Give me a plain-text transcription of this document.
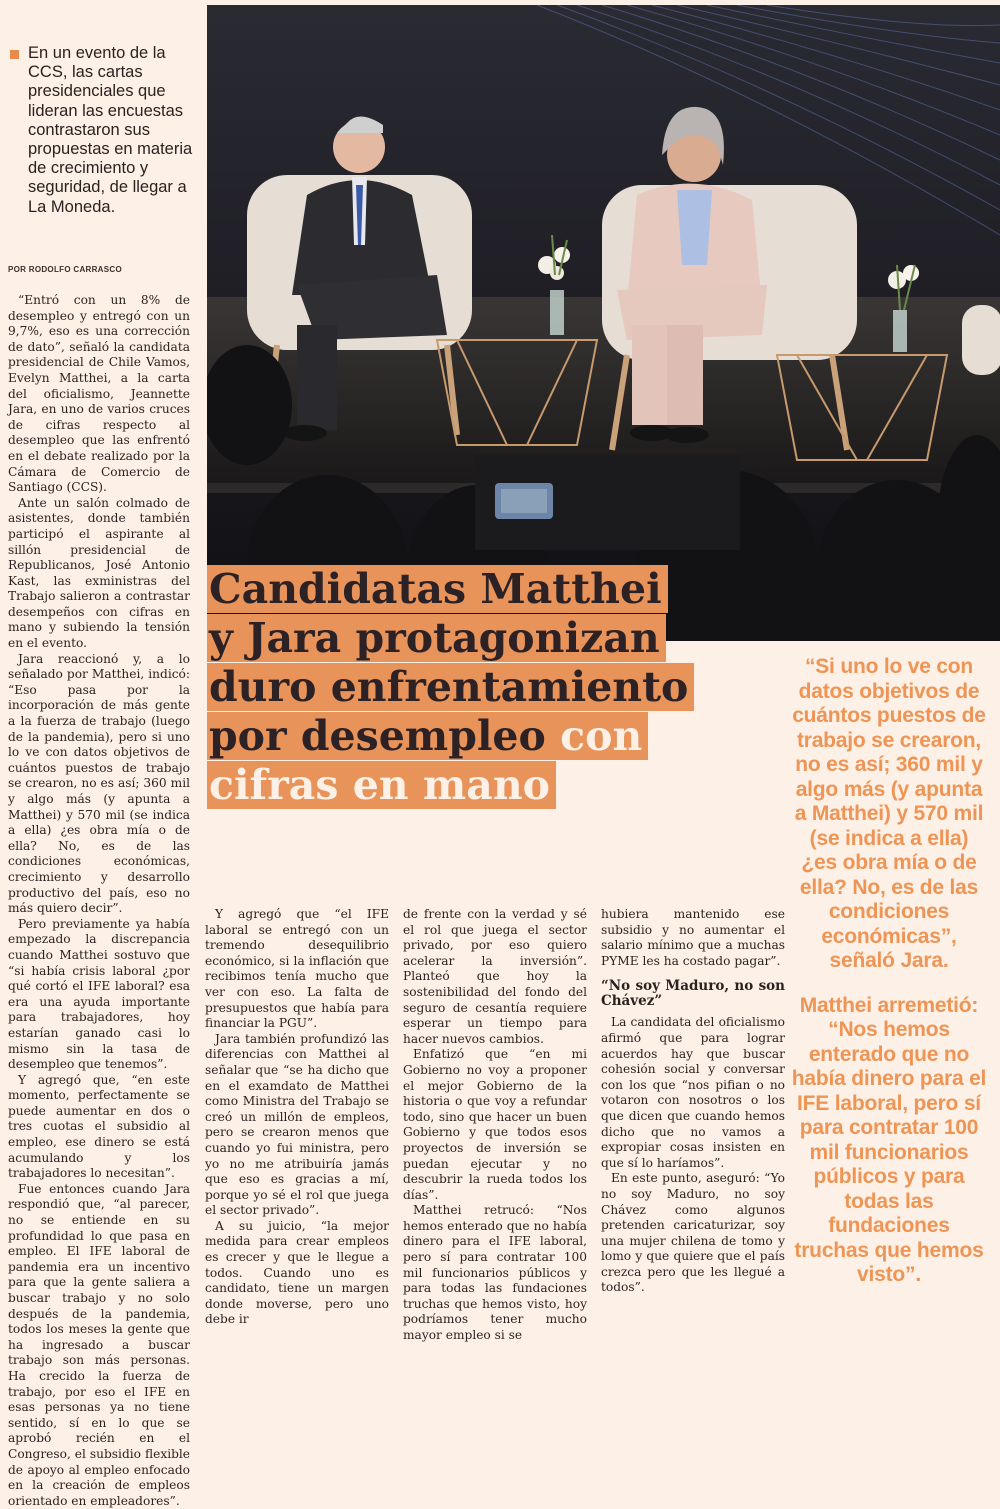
En un evento de la CCS, las cartas presidenciales que lideran las encuestas contrastaron sus propuestas en materia de crecimiento y seguridad, de llegar a La Moneda.

POR RODOLFO CARRASCO

“Entró con un 8% de desempleo y entregó con un 9,7%, eso es una corrección de dato”, señaló la candidata presidencial de Chile Vamos, Evelyn Matthei, a la carta del oficialismo, Jeannette Jara, en uno de varios cruces de cifras respecto al desempleo que las enfrentó en el debate realizado por la Cámara de Comercio de Santiago (CCS).

Ante un salón colmado de asistentes, donde también participó el aspirante al sillón presidencial de Republicanos, José Antonio Kast, las exministras del Trabajo salieron a contrastar desempeños con cifras en mano y subiendo la tensión en el evento.

Jara reaccionó y, a lo señalado por Matthei, indicó: “Eso pasa por la incorporación de más gente a la fuerza de trabajo (luego de la pandemia), pero si uno lo ve con datos objetivos de cuántos puestos de trabajo se crearon, no es así; 360 mil y algo más (y apunta a Matthei) y 570 mil (se indica a ella) ¿es obra mía o de ella? No, es de las condiciones económicas, crecimiento y desarrollo productivo del país, eso no más quiero decir”.

Pero previamente ya había empezado la discrepancia cuando Matthei sostuvo que “si había crisis laboral ¿por qué cortó el IFE laboral? esa era una ayuda importante para trabajadores, hoy estarían ganado casi lo mismo sin la tasa de desempleo que tenemos”.

Y agregó que, “en este momento, perfectamente se puede aumentar en dos o tres cuotas el subsidio al empleo, ese dinero se está acumulando y los trabajadores lo necesitan”.

Fue entonces cuando Jara respondió que, “al parecer, no se entiende en su profundidad lo que pasa en empleo. El IFE laboral de pandemia era un incentivo para que la gente saliera a buscar trabajo y no solo después de la pandemia, todos los meses la gente que ha ingresado a buscar trabajo son más personas. Ha crecido la fuerza de trabajo, por eso el IFE en esas personas ya no tiene sentido, sí en lo que se aprobó recién en el Congreso, el subsidio flexible de apoyo al empleo enfocado en la creación de empleos orientado en empleadores”.

Candidatas Matthei
y Jara protagonizan
duro enfrentamiento
por desempleo con
cifras en mano

Y agregó que “el IFE laboral se entregó con un tremendo desequilibrio económico, si la inflación que recibimos tenía mucho que ver con eso. La falta de presupuestos que había para financiar la PGU”.

Jara también profundizó las diferencias con Matthei al señalar que “se ha dicho que en el examdato de Matthei como Ministra del Trabajo se creó un millón de empleos, pero se crearon menos que cuando yo fui ministra, pero yo no me atribuiría jamás que eso es gracias a mí, porque yo sé el rol que juega el sector privado”.

A su juicio, “la mejor medida para crear empleos es crecer y que le llegue a todos. Cuando uno es candidato, tiene un margen donde moverse, pero uno debe ir

de frente con la verdad y sé el rol que juega el sector privado, por eso quiero acelerar la inversión”. Planteó que hoy la sostenibilidad del fondo del seguro de cesantía requiere esperar un tiempo para hacer nuevos cambios.

Enfatizó que “en mi Gobierno no voy a proponer el mejor Gobierno de la historia o que voy a refundar todo, sino que hacer un buen Gobierno y que todos esos proyectos de inversión se puedan ejecutar y no descubrir la rueda todos los días”.

Matthei retrucó: “Nos hemos enterado que no había dinero para el IFE laboral, pero sí para contratar 100 mil funcionarios públicos y para todas las fundaciones truchas que hemos visto, hoy podríamos tener mucho mayor empleo si se

hubiera mantenido ese subsidio y no aumentar el salario mínimo que a muchas PYME les ha costado pagar”.

“No soy Maduro, no son Chávez”

La candidata del oficialismo afirmó que para lograr acuerdos hay que buscar cohesión social y conversar con los que “nos pifian o no votaron con nosotros o los que dicen que cuando hemos dicho que no vamos a expropiar cosas insisten en que sí lo haríamos”.

En este punto, aseguró: “Yo no soy Maduro, no soy Chávez como algunos pretenden caricaturizar, soy una mujer chilena de tomo y lomo y que quiere que el país crezca pero que les llegué a todos”.

“Si uno lo ve con datos objetivos de cuántos puestos de trabajo se crearon, no es así; 360 mil y algo más (y apunta a Matthei) y 570 mil (se indica a ella) ¿es obra mía o de ella? No, es de las condiciones económicas”, señaló Jara.

Matthei arremetió: “Nos hemos enterado que no había dinero para el IFE laboral, pero sí para contratar 100 mil funcionarios públicos y para todas las fundaciones truchas que hemos visto”.
